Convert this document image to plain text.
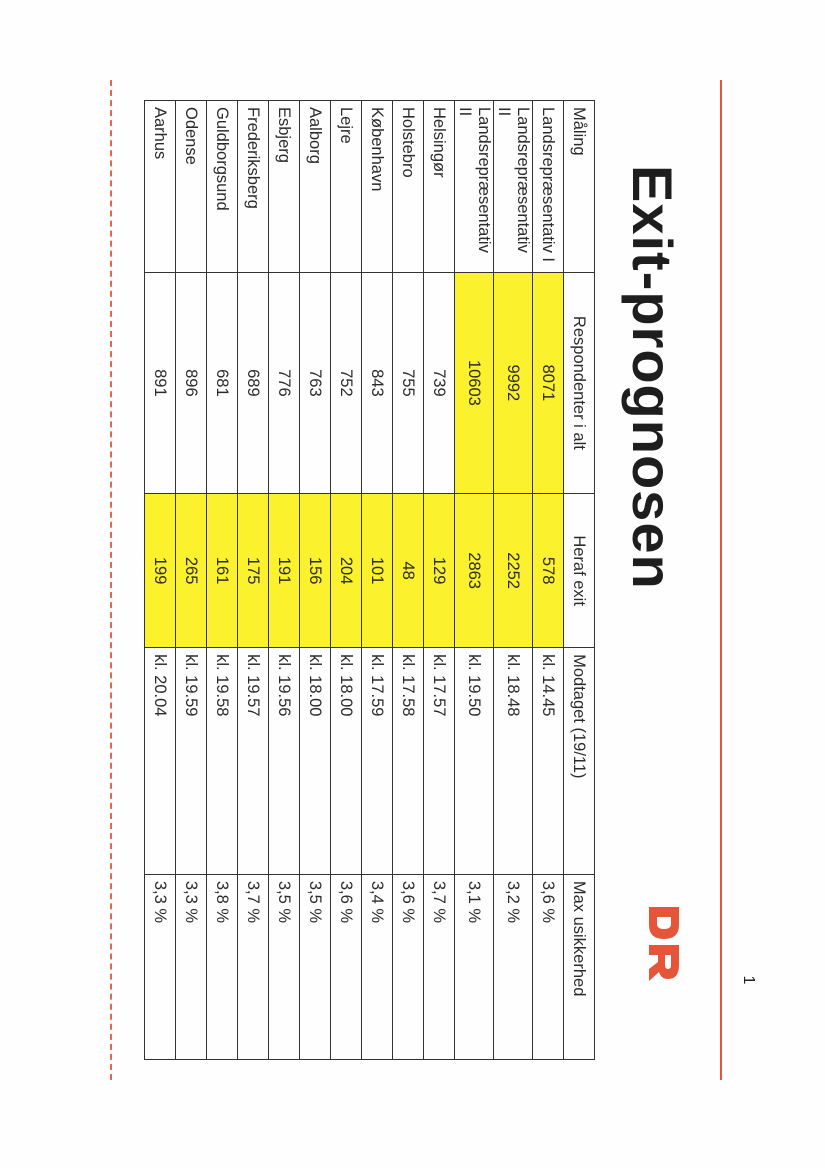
1
Exit-prognosen
Måling	Respondenter i alt	Heraf exit	Modtaget (19/11)	Max usikkerhed
Landsrepræsentativ I	8071	578	kl. 14.45	3,6 %
Landsrepræsentativ II	9992	2252	kl. 18.48	3,2 %
Landsrepræsentativ II	10603	2863	kl. 19.50	3,1 %
Helsingør	739	129	kl. 17.57	3,7 %
Holstebro	755	48	kl. 17.58	3,6 %
København	843	101	kl. 17.59	3,4 %
Lejre	752	204	kl. 18.00	3,6 %
Aalborg	763	156	kl. 18.00	3,5 %
Esbjerg	776	191	kl. 19.56	3,5 %
Frederiksberg	689	175	kl. 19.57	3,7 %
Guldborgsund	681	161	kl. 19.58	3,8 %
Odense	896	265	kl. 19.59	3,3 %
Aarhus	891	199	kl. 20.04	3,3 %
